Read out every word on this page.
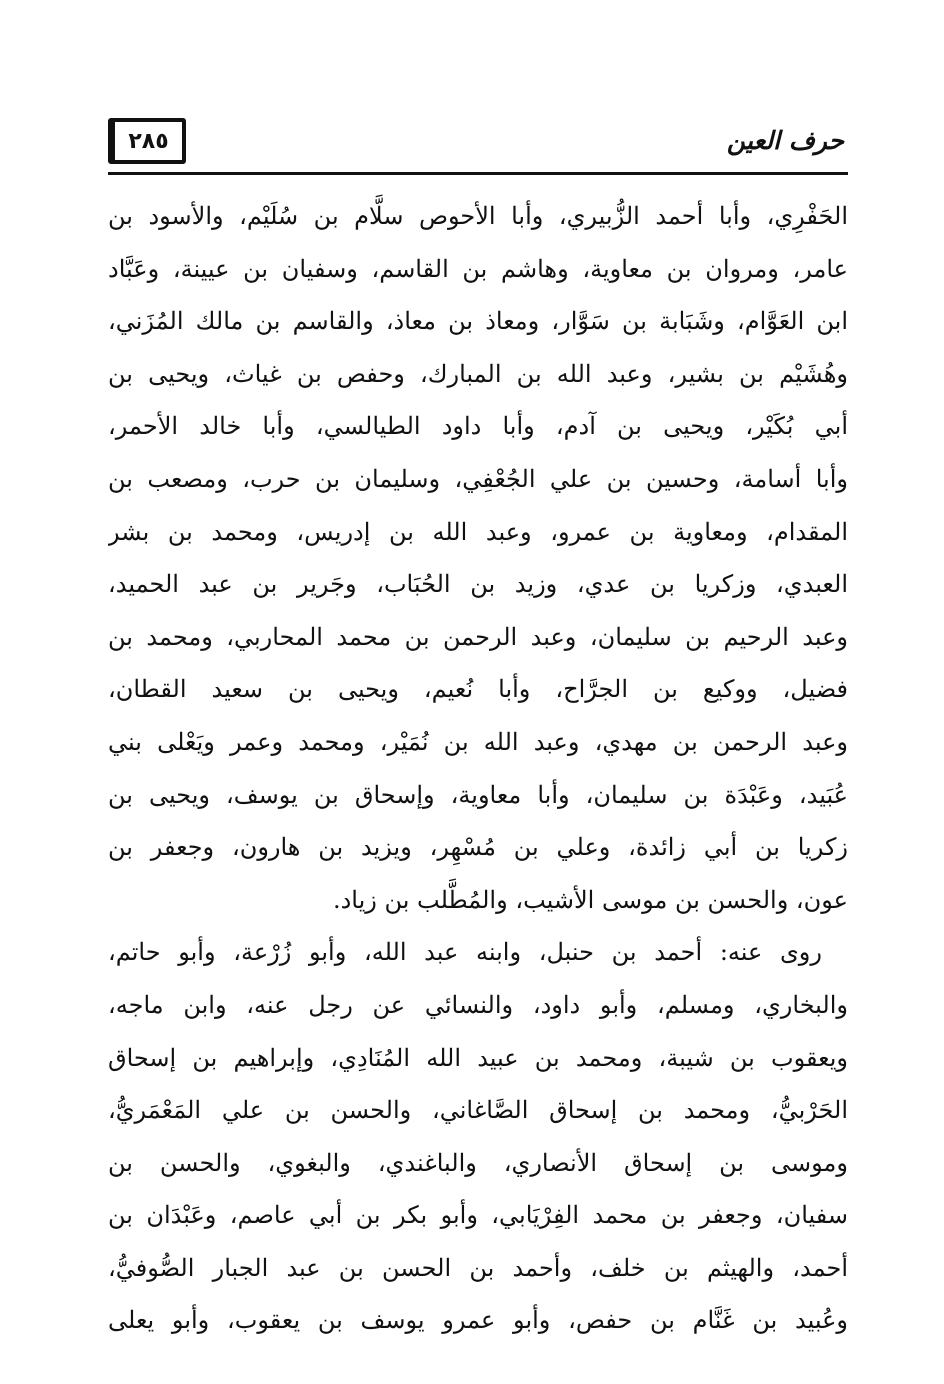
٢٨٥	حرف العين
الحَفْرِي، وأبا أحمد الزُّبيري، وأبا الأحوص سلَّام بن سُلَيْم، والأسود بن
عامر، ومروان بن معاوية، وهاشم بن القاسم، وسفيان بن عيينة، وعَبَّاد
ابن العَوَّام، وشَبَابة بن سَوَّار، ومعاذ بن معاذ، والقاسم بن مالك المُزَني،
وهُشَيْم بن بشير، وعبد الله بن المبارك، وحفص بن غياث، ويحيى بن
أبي بُكَيْر، ويحيى بن آدم، وأبا داود الطيالسي، وأبا خالد الأحمر،
وأبا أسامة، وحسين بن علي الجُعْفِي، وسليمان بن حرب، ومصعب بن
المقدام، ومعاوية بن عمرو، وعبد الله بن إدريس، ومحمد بن بشر
العبدي، وزكريا بن عدي، وزيد بن الحُبَاب، وجَرير بن عبد الحميد،
وعبد الرحيم بن سليمان، وعبد الرحمن بن محمد المحاربي، ومحمد بن
فضيل، ووكيع بن الجرَّاح، وأبا نُعيم، ويحيى بن سعيد القطان،
وعبد الرحمن بن مهدي، وعبد الله بن نُمَيْر، ومحمد وعمر ويَعْلى بني
عُبَيد، وعَبْدَة بن سليمان، وأبا معاوية، وإسحاق بن يوسف، ويحيى بن
زكريا بن أبي زائدة، وعلي بن مُسْهِر، ويزيد بن هارون، وجعفر بن
عون، والحسن بن موسى الأشيب، والمُطَّلب بن زياد.
روى عنه: أحمد بن حنبل، وابنه عبد الله، وأبو زُرْعة، وأبو حاتم،
والبخاري، ومسلم، وأبو داود، والنسائي عن رجل عنه، وابن ماجه،
ويعقوب بن شيبة، ومحمد بن عبيد الله المُنَادِي، وإبراهيم بن إسحاق
الحَرْبيُّ، ومحمد بن إسحاق الصَّاغاني، والحسن بن علي المَعْمَريُّ،
وموسى بن إسحاق الأنصاري، والباغندي، والبغوي، والحسن بن
سفيان، وجعفر بن محمد الفِرْيَابي، وأبو بكر بن أبي عاصم، وعَبْدَان بن
أحمد، والهيثم بن خلف، وأحمد بن الحسن بن عبد الجبار الصُّوفيُّ،
وعُبيد بن غَنَّام بن حفص، وأبو عمرو يوسف بن يعقوب، وأبو يعلى
